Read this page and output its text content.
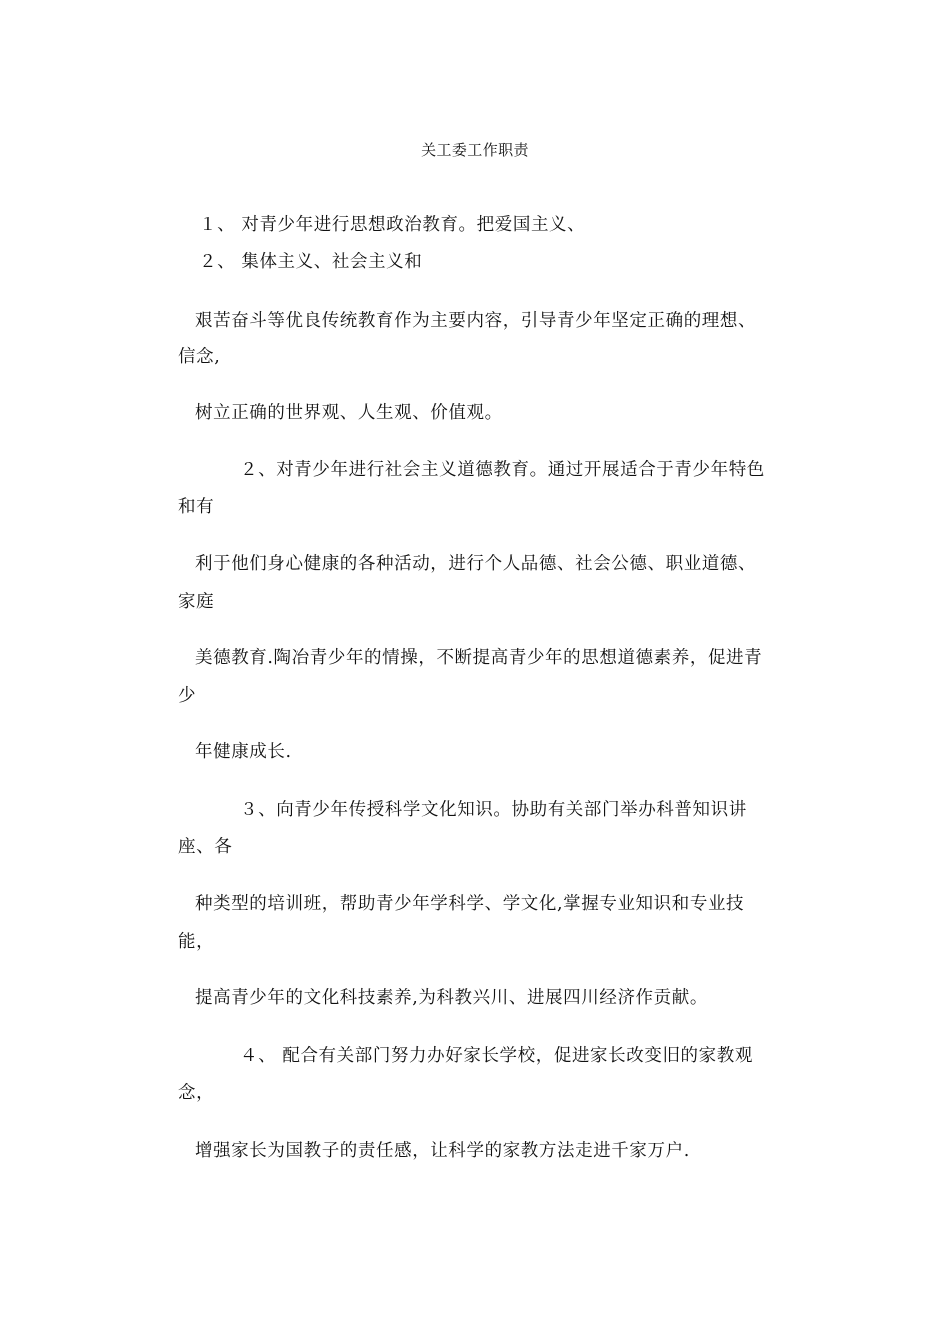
关工委工作职责

１、 对青少年进行思想政治教育。把爱国主义、

２、 集体主义、社会主义和

艰苦奋斗等优良传统教育作为主要内容，引导青少年坚定正确的理想、

信念,

树立正确的世界观、人生观、价值观。

２、对青少年进行社会主义道德教育。通过开展适合于青少年特色

和有

利于他们身心健康的各种活动，进行个人品德、社会公德、职业道德、

家庭

美德教育.陶冶青少年的情操，不断提高青少年的思想道德素养，促进青

少

年健康成长.

３、向青少年传授科学文化知识。协助有关部门举办科普知识讲

座、各

种类型的培训班，帮助青少年学科学、学文化,掌握专业知识和专业技

能，

提高青少年的文化科技素养,为科教兴川、进展四川经济作贡献。

４、 配合有关部门努力办好家长学校，促进家长改变旧的家教观

念，

增强家长为国教子的责任感，让科学的家教方法走进千家万户.
